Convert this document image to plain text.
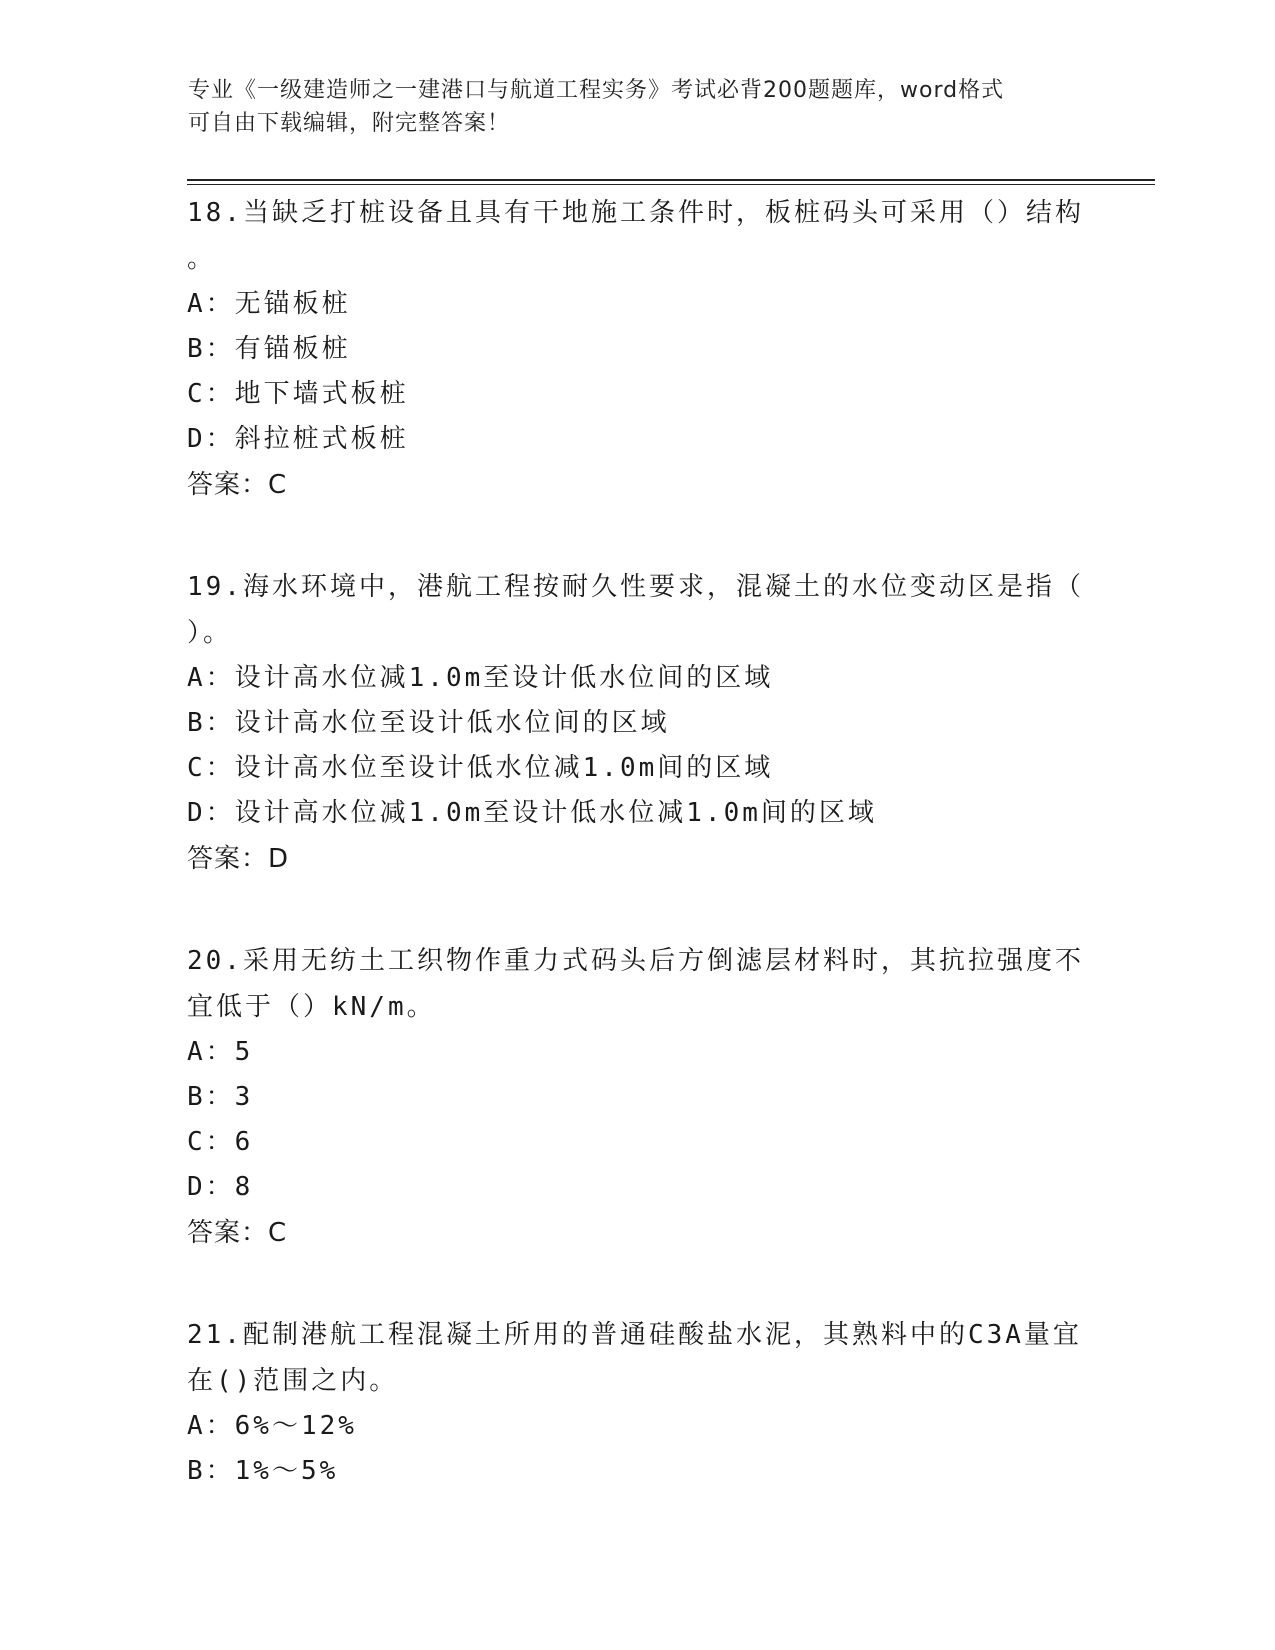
专业《一级建造师之一建港口与航道工程实务》考试必背200题题库，word格式
可自由下载编辑，附完整答案！
18.当缺乏打桩设备且具有干地施工条件时，板桩码头可采用（）结构
。
A：无锚板桩
B：有锚板桩
C：地下墙式板桩
D：斜拉桩式板桩
答案：C
19.海水环境中，港航工程按耐久性要求，混凝土的水位变动区是指（
）。
A：设计高水位减1.0m至设计低水位间的区域
B：设计高水位至设计低水位间的区域
C：设计高水位至设计低水位减1.0m间的区域
D：设计高水位减1.0m至设计低水位减1.0m间的区域
答案：D
20.采用无纺土工织物作重力式码头后方倒滤层材料时，其抗拉强度不
宜低于（）kN/m。
A：5
B：3
C：6
D：8
答案：C
21.配制港航工程混凝土所用的普通硅酸盐水泥，其熟料中的C3A量宜
在()范围之内。
A：6%～12%
B：1%～5%
